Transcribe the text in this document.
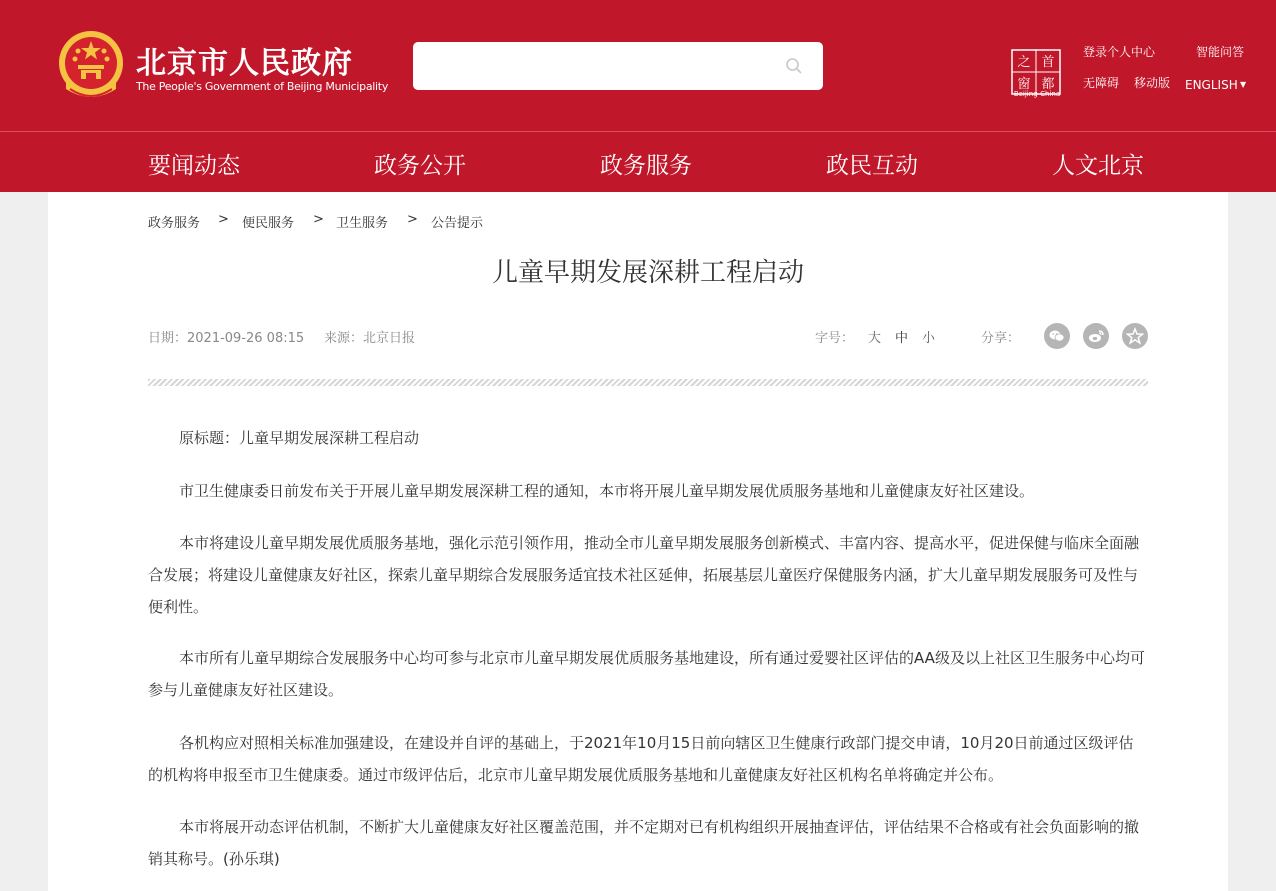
北京市人民政府
The People's Government of Beijing Municipality
之 首
窗 都
Beijing-China
登录个人中心	智能问答
无障碍 移动版 ENGLISH ▼
要闻动态	政务公开	政务服务	政民互动	人文北京
政务服务 > 便民服务 > 卫生服务 > 公告提示
儿童早期发展深耕工程启动
日期：2021-09-26 08:15 来源：北京日报	字号： 大 中 小	分享：

原标题：儿童早期发展深耕工程启动

市卫生健康委日前发布关于开展儿童早期发展深耕工程的通知，本市将开展儿童早期发展优质服务基地和儿童健康友好社区建设。

本市将建设儿童早期发展优质服务基地，强化示范引领作用，推动全市儿童早期发展服务创新模式、丰富内容、提高水平，促进保健与临床全面融合发展；将建设儿童健康友好社区，探索儿童早期综合发展服务适宜技术社区延伸，拓展基层儿童医疗保健服务内涵，扩大儿童早期发展服务可及性与便利性。

本市所有儿童早期综合发展服务中心均可参与北京市儿童早期发展优质服务基地建设，所有通过爱婴社区评估的AA级及以上社区卫生服务中心均可参与儿童健康友好社区建设。

各机构应对照相关标准加强建设，在建设并自评的基础上，于2021年10月15日前向辖区卫生健康行政部门提交申请，10月20日前通过区级评估的机构将申报至市卫生健康委。通过市级评估后，北京市儿童早期发展优质服务基地和儿童健康友好社区机构名单将确定并公布。

本市将展开动态评估机制，不断扩大儿童健康友好社区覆盖范围，并不定期对已有机构组织开展抽查评估，评估结果不合格或有社会负面影响的撤销其称号。(孙乐琪)
